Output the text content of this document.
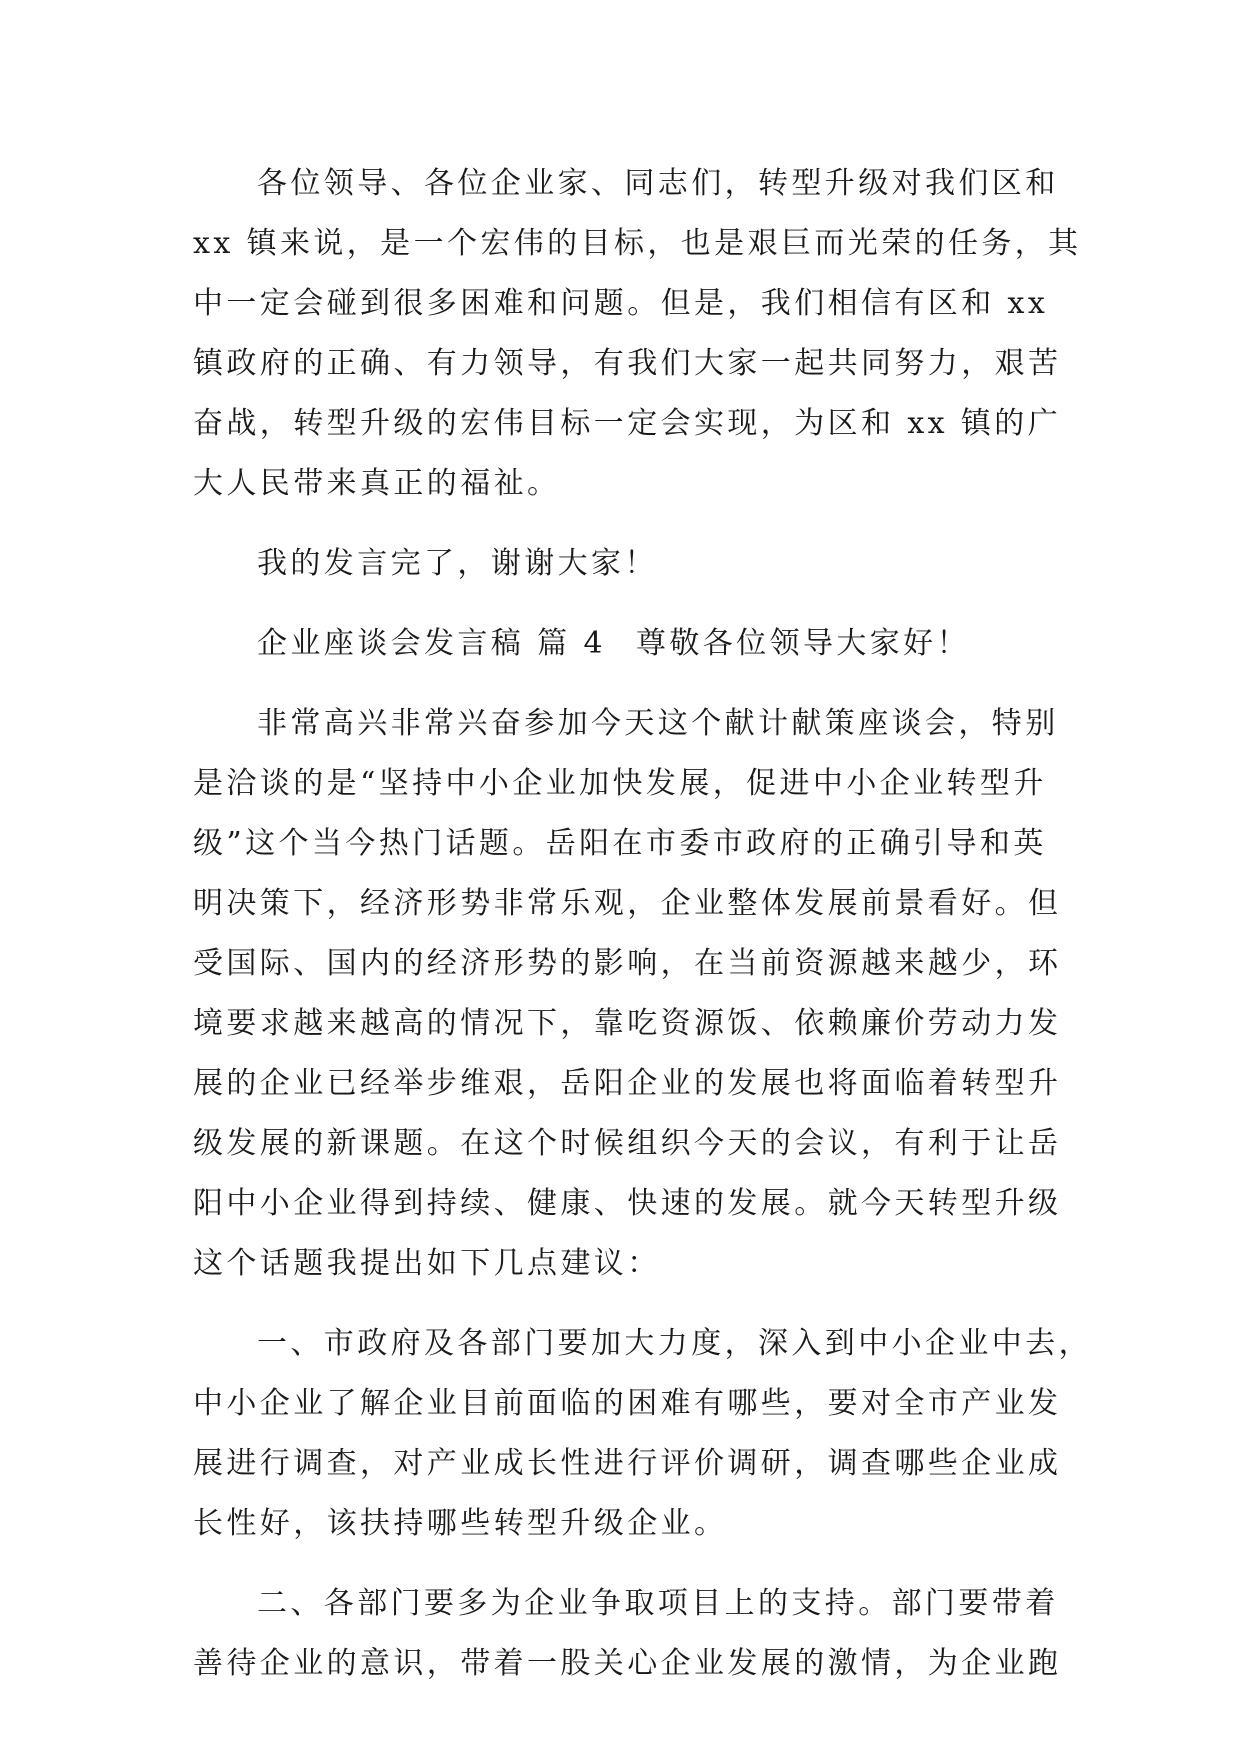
各位领导、各位企业家、同志们，转型升级对我们区和
xx 镇来说，是一个宏伟的目标，也是艰巨而光荣的任务，其
中一定会碰到很多困难和问题。但是，我们相信有区和 xx
镇政府的正确、有力领导，有我们大家一起共同努力，艰苦
奋战，转型升级的宏伟目标一定会实现，为区和 xx 镇的广
大人民带来真正的福祉。
我的发言完了，谢谢大家！
企业座谈会发言稿 篇 4 尊敬各位领导大家好！
非常高兴非常兴奋参加今天这个献计献策座谈会，特别
是洽谈的是“坚持中小企业加快发展，促进中小企业转型升
级”这个当今热门话题。岳阳在市委市政府的正确引导和英
明决策下，经济形势非常乐观，企业整体发展前景看好。但
受国际、国内的经济形势的影响，在当前资源越来越少，环
境要求越来越高的情况下，靠吃资源饭、依赖廉价劳动力发
展的企业已经举步维艰，岳阳企业的发展也将面临着转型升
级发展的新课题。在这个时候组织今天的会议，有利于让岳
阳中小企业得到持续、健康、快速的发展。就今天转型升级
这个话题我提出如下几点建议：
一、市政府及各部门要加大力度，深入到中小企业中去，
中小企业了解企业目前面临的困难有哪些，要对全市产业发
展进行调查，对产业成长性进行评价调研，调查哪些企业成
长性好，该扶持哪些转型升级企业。
二、各部门要多为企业争取项目上的支持。部门要带着
善待企业的意识，带着一股关心企业发展的激情，为企业跑
